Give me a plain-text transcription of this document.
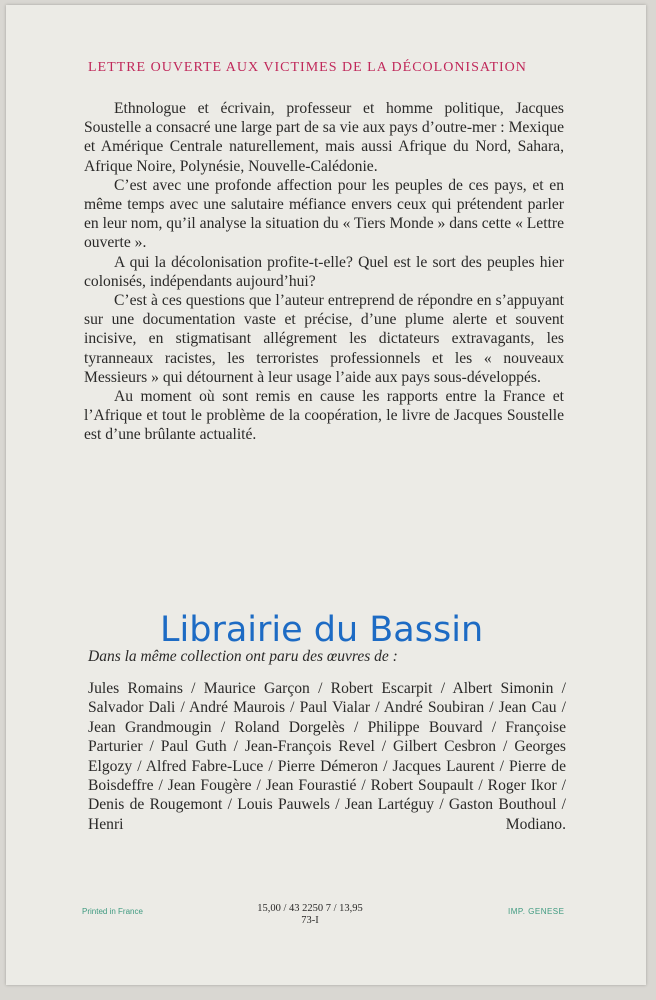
LETTRE OUVERTE AUX VICTIMES DE LA DÉCOLONISATION

Ethnologue et écrivain, professeur et homme politique, Jacques Soustelle a consacré une large part de sa vie aux pays d’outre-mer : Mexique et Amérique Centrale naturellement, mais aussi Afrique du Nord, Sahara, Afrique Noire, Polynésie, Nouvelle-Calédonie.

C’est avec une profonde affection pour les peuples de ces pays, et en même temps avec une salutaire méfiance envers ceux qui prétendent parler en leur nom, qu’il analyse la situation du « Tiers Monde » dans cette « Lettre ouverte ».

A qui la décolonisation profite-t-elle? Quel est le sort des peuples hier colonisés, indépendants aujourd’hui?

C’est à ces questions que l’auteur entreprend de répondre en s’appuyant sur une documentation vaste et précise, d’une plume alerte et souvent incisive, en stigmatisant allégrement les dictateurs extravagants, les tyranneaux racistes, les terroristes professionnels et les « nouveaux Messieurs » qui détournent à leur usage l’aide aux pays sous-développés.

Au moment où sont remis en cause les rapports entre la France et l’Afrique et tout le problème de la coopération, le livre de Jacques Soustelle est d’une brûlante actualité.

Librairie du Bassin
Dans la même collection ont paru des œuvres de :
Jules Romains / Maurice Garçon / Robert Escarpit / Albert Simonin / Salvador Dali / André Maurois / Paul Vialar / André Soubiran / Jean Cau / Jean Grandmougin / Roland Dorgelès / Philippe Bouvard / Françoise Parturier / Paul Guth / Jean-François Revel / Gilbert Cesbron / Georges Elgozy / Alfred Fabre-Luce / Pierre Démeron / Jacques Laurent / Pierre de Boisdeffre / Jean Fougère / Jean Fourastié / Robert Soupault / Roger Ikor / Denis de Rougemont / Louis Pauwels / Jean Lartéguy / Gaston Bouthoul / Henri Modiano.
Printed in France	15,00 / 43 2250 7 / 13,95
73-I
IMP. GENESE
